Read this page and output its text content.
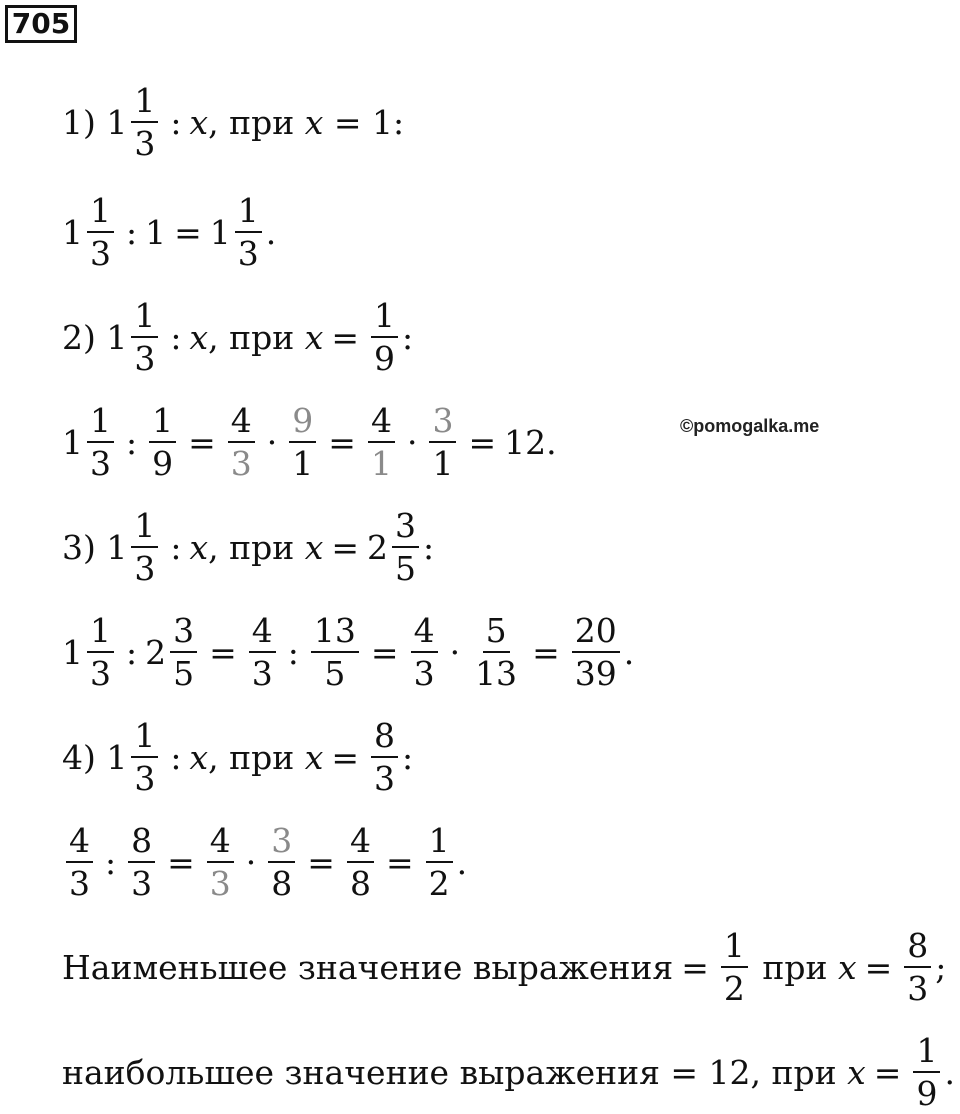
705
©pomogalka.me
1)
$1 \frac{1}{3}$ : x , при
x
= 1:
$1 \frac{1}{3}$ : $1 = 1 \frac{1}{3}$ .
2)
$1 \frac{1}{3}$ : x , при
$x = \frac{1}{9}$ :
$1 \frac{1}{3}$ : $\frac{1}{9} = \frac{4}{3} \cdot \frac{9}{1} = \frac{4}{1} \cdot \frac{3}{1} = 12$ .
3)
$1 \frac{1}{3}$ : x , при
$x = 2 \frac{3}{5}$ :
$1 \frac{1}{3}$ : $2 \frac{3}{5} = \frac{4}{3}$ : $\frac{13}{5} = \frac{4}{3} \cdot \frac{5}{13} = \frac{20}{39}$ .
4)
$1 \frac{1}{3}$ : x , при
$x = \frac{8}{3}$ :
$\frac{4}{3}$ : $\frac{8}{3} = \frac{4}{3} \cdot \frac{3}{8} = \frac{4}{8} = \frac{1}{2}$ .
Наименьшее значение выражения = $\frac{1}{2}$
при
$x = \frac{8}{3}$ ;
наибольшее значение выражения
= 12,
при
$x = \frac{1}{9}$ .
